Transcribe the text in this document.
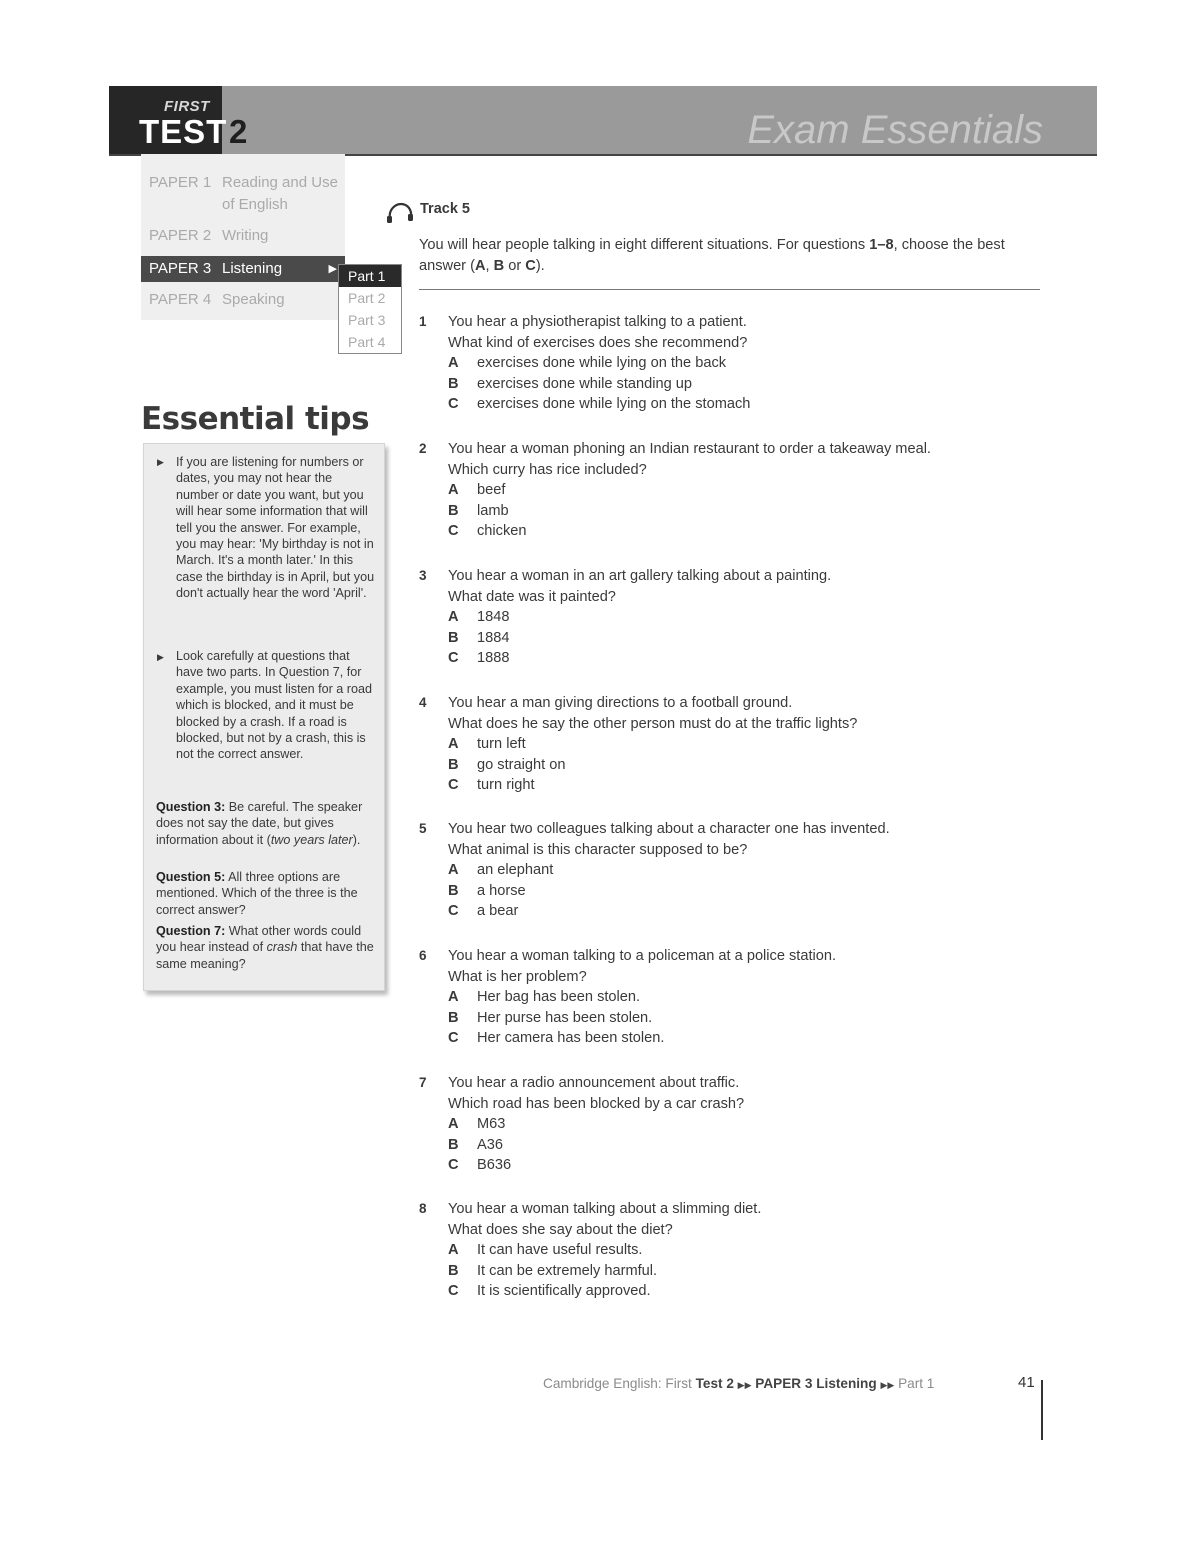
FIRST
TEST 2	Exam Essentials
PAPER 1 Reading and Use of English
PAPER 2 Writing
PAPER 3 Listening	▶
PAPER 4 Speaking
Part 1
Part 2
Part 3
Part 4
Essential tips
▶ If you are listening for numbers or dates, you may not hear the number or date you want, but you will hear some information that will tell you the answer. For example, you may hear: 'My birthday is not in March. It's a month later.' In this case the birthday is in April, but you don't actually hear the word 'April'.
▶ Look carefully at questions that have two parts. In Question 7, for example, you must listen for a road which is blocked, and it must be blocked by a crash. If a road is blocked, but not by a crash, this is not the correct answer.
Question 3: Be careful. The speaker does not say the date, but gives information about it (two years later).
Question 5: All three options are mentioned. Which of the three is the correct answer?
Question 7: What other words could you hear instead of crash that have the same meaning?
Track 5
You will hear people talking in eight different situations. For questions 1–8, choose the best answer (A, B or C).
1 You hear a physiotherapist talking to a patient.
What kind of exercises does she recommend?
A exercises done while lying on the back
B exercises done while standing up
C exercises done while lying on the stomach
2 You hear a woman phoning an Indian restaurant to order a takeaway meal.
Which curry has rice included?
A beef
B lamb
C chicken
3 You hear a woman in an art gallery talking about a painting.
What date was it painted?
A 1848
B 1884
C 1888
4 You hear a man giving directions to a football ground.
What does he say the other person must do at the traffic lights?
A turn left
B go straight on
C turn right
5 You hear two colleagues talking about a character one has invented.
What animal is this character supposed to be?
A an elephant
B a horse
C a bear
6 You hear a woman talking to a policeman at a police station.
What is her problem?
A Her bag has been stolen.
B Her purse has been stolen.
C Her camera has been stolen.
7 You hear a radio announcement about traffic.
Which road has been blocked by a car crash?
A M63
B A36
C B636
8 You hear a woman talking about a slimming diet.
What does she say about the diet?
A It can have useful results.
B It can be extremely harmful.
C It is scientifically approved.
Cambridge English: First Test 2 ▶▶ PAPER 3 Listening ▶▶ Part 1	41
